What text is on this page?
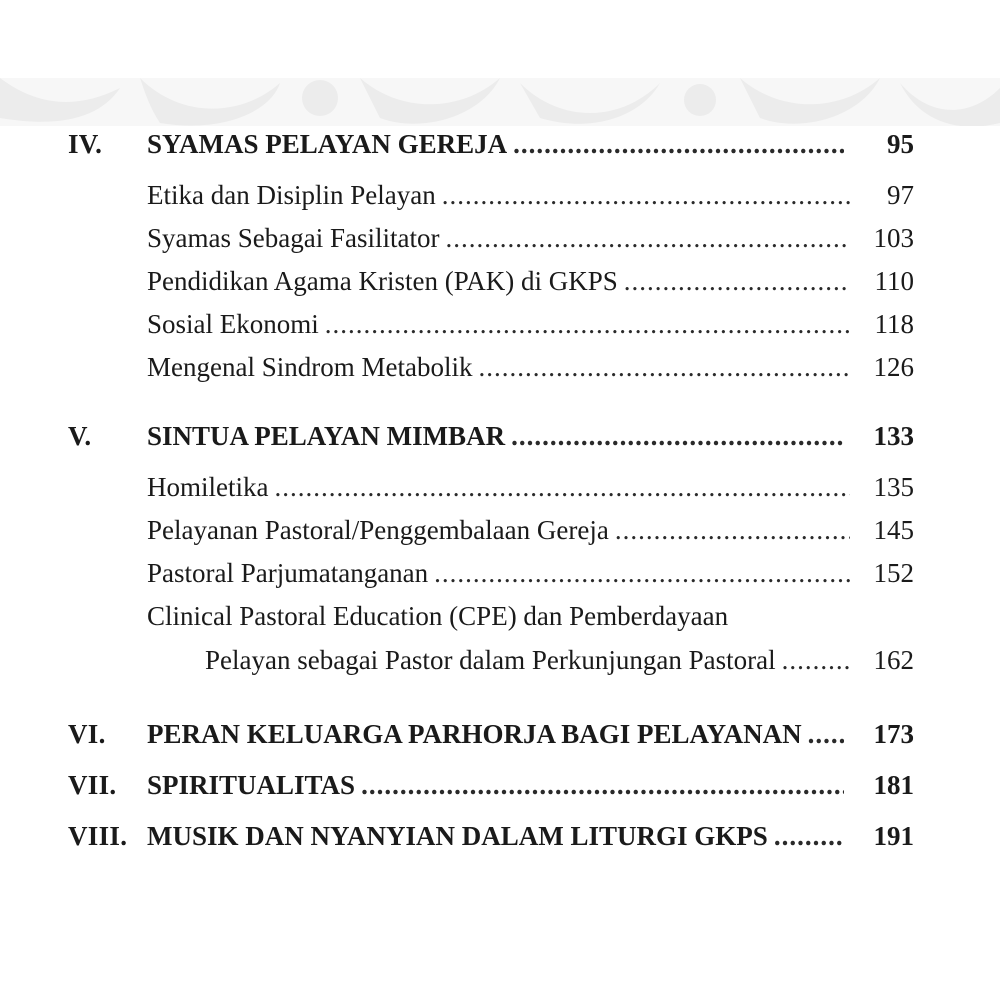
IV. SYAMAS PELAYAN GEREJA .....	95
Etika dan Disiplin Pelayan .....	97
Syamas Sebagai Fasilitator .....	103
Pendidikan Agama Kristen (PAK) di GKPS .....	110
Sosial Ekonomi .....	118
Mengenal Sindrom Metabolik .....	126
V. SINTUA PELAYAN MIMBAR .....	133
Homiletika .....	135
Pelayanan Pastoral/Penggembalaan Gereja .....	145
Pastoral Parjumatanganan .....	152
Clinical Pastoral Education (CPE) dan Pemberdayaan
Pelayan sebagai Pastor dalam Perkunjungan Pastoral .....	162
VI. PERAN KELUARGA PARHORJA BAGI PELAYANAN .....	173
VII. SPIRITUALITAS .....	181
VIII. MUSIK DAN NYANYIAN DALAM LITURGI GKPS .....	191
